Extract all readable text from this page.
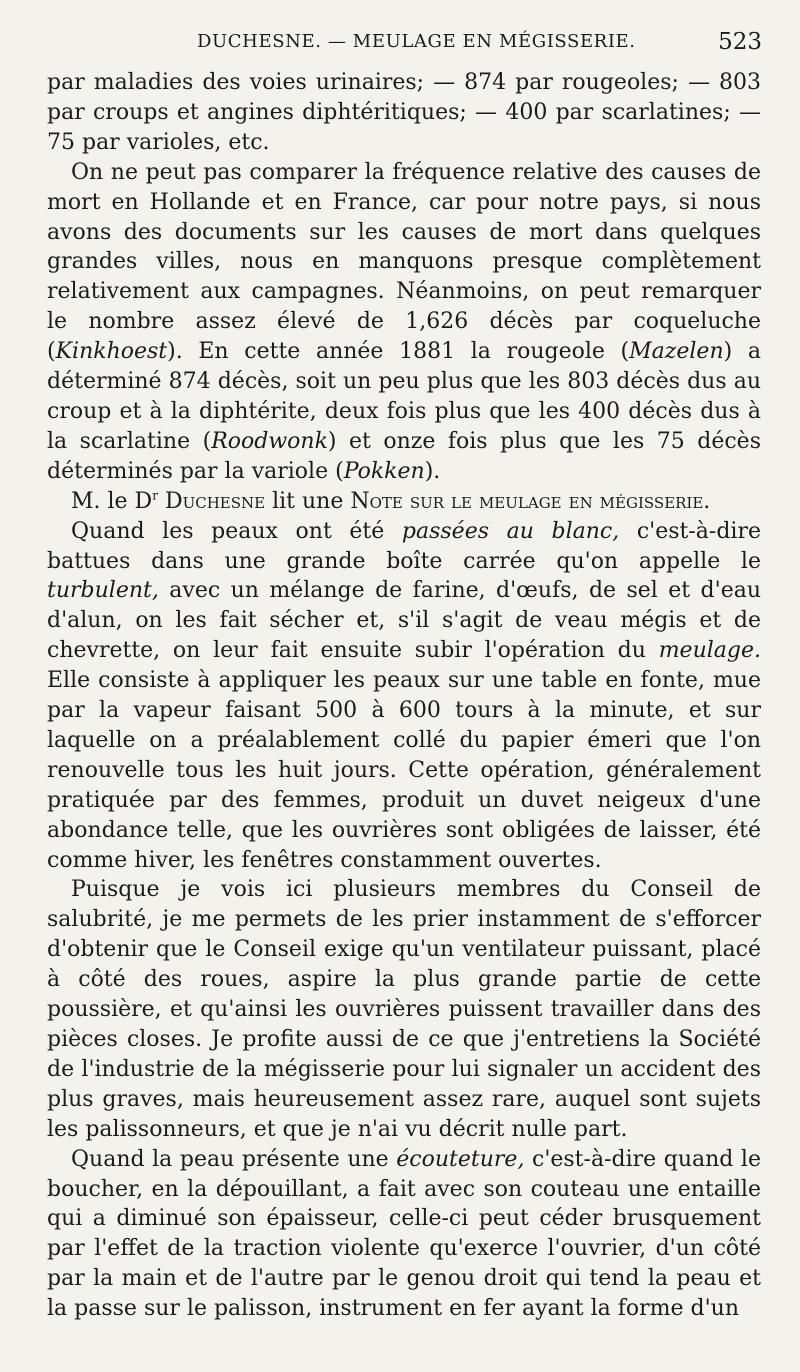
DUCHESNE. — MEULAGE EN MÉGISSERIE.	523

par maladies des voies urinaires; — 874 par rougeoles; — 803 par croups et angines diphtéritiques; — 400 par scarlatines; — 75 par varioles, etc.

On ne peut pas comparer la fréquence relative des causes de mort en Hollande et en France, car pour notre pays, si nous avons des documents sur les causes de mort dans quelques grandes villes, nous en manquons presque complètement relativement aux campagnes. Néanmoins, on peut remarquer le nombre assez élevé de 1,626 décès par coqueluche (Kinkhoest). En cette année 1881 la rougeole (Mazelen) a déterminé 874 décès, soit un peu plus que les 803 décès dus au croup et à la diphtérite, deux fois plus que les 400 décès dus à la scarlatine (Roodwonk) et onze fois plus que les 75 décès déterminés par la variole (Pokken).

M. le $D^r$ Duchesne lit une Note sur le meulage en mégisserie.

Quand les peaux ont été passées au blanc, c'est-à-dire battues dans une grande boîte carrée qu'on appelle le turbulent, avec un mélange de farine, d'œufs, de sel et d'eau d'alun, on les fait sécher et, s'il s'agit de veau mégis et de chevrette, on leur fait ensuite subir l'opération du meulage. Elle consiste à appliquer les peaux sur une table en fonte, mue par la vapeur faisant 500 à 600 tours à la minute, et sur laquelle on a préalablement collé du papier émeri que l'on renouvelle tous les huit jours. Cette opération, généralement pratiquée par des femmes, produit un duvet neigeux d'une abondance telle, que les ouvrières sont obligées de laisser, été comme hiver, les fenêtres constamment ouvertes.

Puisque je vois ici plusieurs membres du Conseil de salubrité, je me permets de les prier instamment de s'efforcer d'obtenir que le Conseil exige qu'un ventilateur puissant, placé à côté des roues, aspire la plus grande partie de cette poussière, et qu'ainsi les ouvrières puissent travailler dans des pièces closes. Je profite aussi de ce que j'entretiens la Société de l'industrie de la mégisserie pour lui signaler un accident des plus graves, mais heureusement assez rare, auquel sont sujets les palissonneurs, et que je n'ai vu décrit nulle part.

Quand la peau présente une écouteture, c'est-à-dire quand le boucher, en la dépouillant, a fait avec son couteau une entaille qui a diminué son épaisseur, celle-ci peut céder brusquement par l'effet de la traction violente qu'exerce l'ouvrier, d'un côté par la main et de l'autre par le genou droit qui tend la peau et la passe sur le palisson, instrument en fer ayant la forme d'un
